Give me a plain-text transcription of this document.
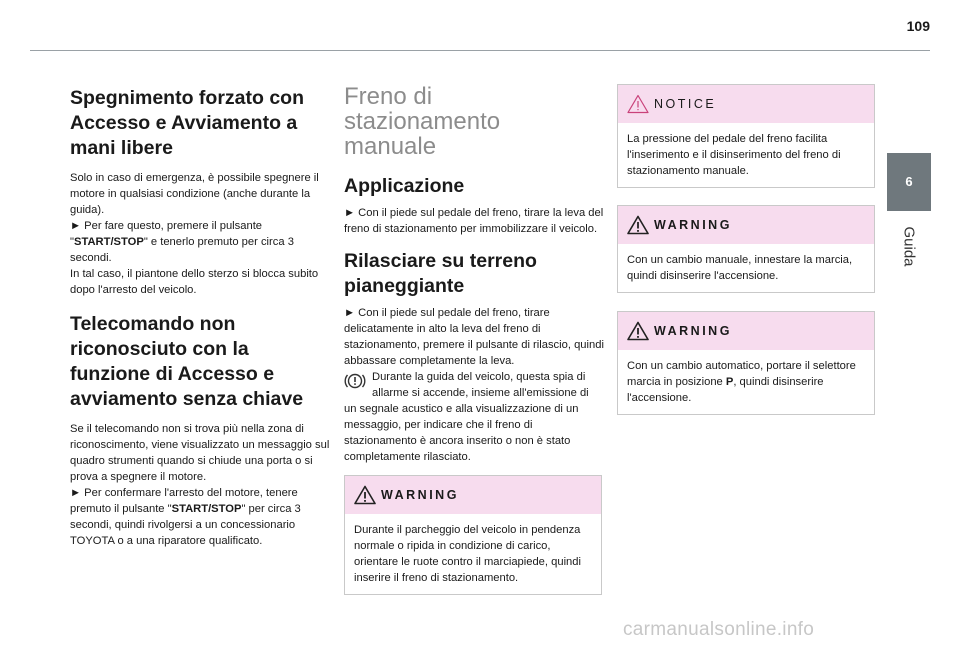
109
6
Guida
Spegnimento forzato con Accesso e Avviamento a mani libere

Solo in caso di emergenza, è possibile spegnere il motore in qualsiasi condizione (anche durante la guida).

► Per fare questo, premere il pulsante "START/STOP" e tenerlo premuto per circa 3 secondi.

In tal caso, il piantone dello sterzo si blocca subito dopo l'arresto del veicolo.

Telecomando non riconosciuto con la funzione di Accesso e avviamento senza chiave

Se il telecomando non si trova più nella zona di riconoscimento, viene visualizzato un messaggio sul quadro strumenti quando si chiude una porta o si prova a spegnere il motore.

► Per confermare l'arresto del motore, tenere premuto il pulsante "START/STOP" per circa 3 secondi, quindi rivolgersi a un concessionario TOYOTA o a una riparatore qualificato.

Freno di stazionamento manuale
Applicazione

► Con il piede sul pedale del freno, tirare la leva del freno di stazionamento per immobilizzare il veicolo.

Rilasciare su terreno pianeggiante

► Con il piede sul pedale del freno, tirare delicatamente in alto la leva del freno di stazionamento, premere il pulsante di rilascio, quindi abbassare completamente la leva.

Durante la guida del veicolo, questa spia di allarme si accende, insieme all'emissione di un segnale acustico e alla visualizzazione di un messaggio, per indicare che il freno di stazionamento è ancora inserito o non è stato completamente rilasciato.

WARNING
Durante il parcheggio del veicolo in pendenza normale o ripida in condizione di carico, orientare le ruote contro il marciapiede, quindi inserire il freno di stazionamento.
NOTICE
La pressione del pedale del freno facilita l'inserimento e il disinserimento del freno di stazionamento manuale.
WARNING
Con un cambio manuale, innestare la marcia, quindi disinserire l'accensione.
WARNING
Con un cambio automatico, portare il selettore marcia in posizione P, quindi disinserire l'accensione.
carmanualsonline.info
